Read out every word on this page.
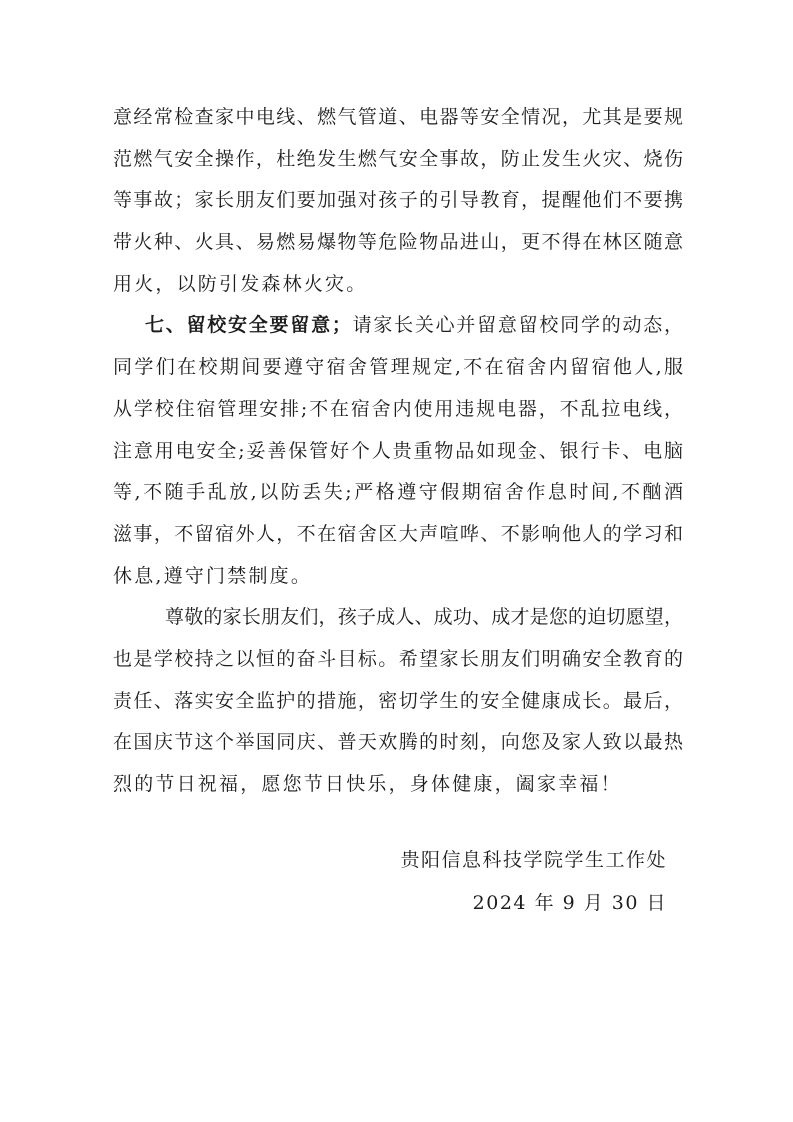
意经常检查家中电线、燃气管道、电器等安全情况，尤其是要规
范燃气安全操作，杜绝发生燃气安全事故，防止发生火灾、烧伤
等事故；家长朋友们要加强对孩子的引导教育，提醒他们不要携
带火种、火具、易燃易爆物等危险物品进山，更不得在林区随意
用火，以防引发森林火灾。
七、留校安全要留意；请家长关心并留意留校同学的动态，
同学们在校期间要遵守宿舍管理规定,不在宿舍内留宿他人,服
从学校住宿管理安排;不在宿舍内使用违规电器，不乱拉电线，
注意用电安全;妥善保管好个人贵重物品如现金、银行卡、电脑
等,不随手乱放,以防丢失;严格遵守假期宿舍作息时间,不酗酒
滋事，不留宿外人，不在宿舍区大声喧哗、不影响他人的学习和
休息,遵守门禁制度。
尊敬的家长朋友们，孩子成人、成功、成才是您的迫切愿望，
也是学校持之以恒的奋斗目标。希望家长朋友们明确安全教育的
责任、落实安全监护的措施，密切学生的安全健康成长。最后，
在国庆节这个举国同庆、普天欢腾的时刻，向您及家人致以最热
烈的节日祝福，愿您节日快乐，身体健康，阖家幸福！
贵阳信息科技学院学生工作处
2024 年 9 月 30 日
